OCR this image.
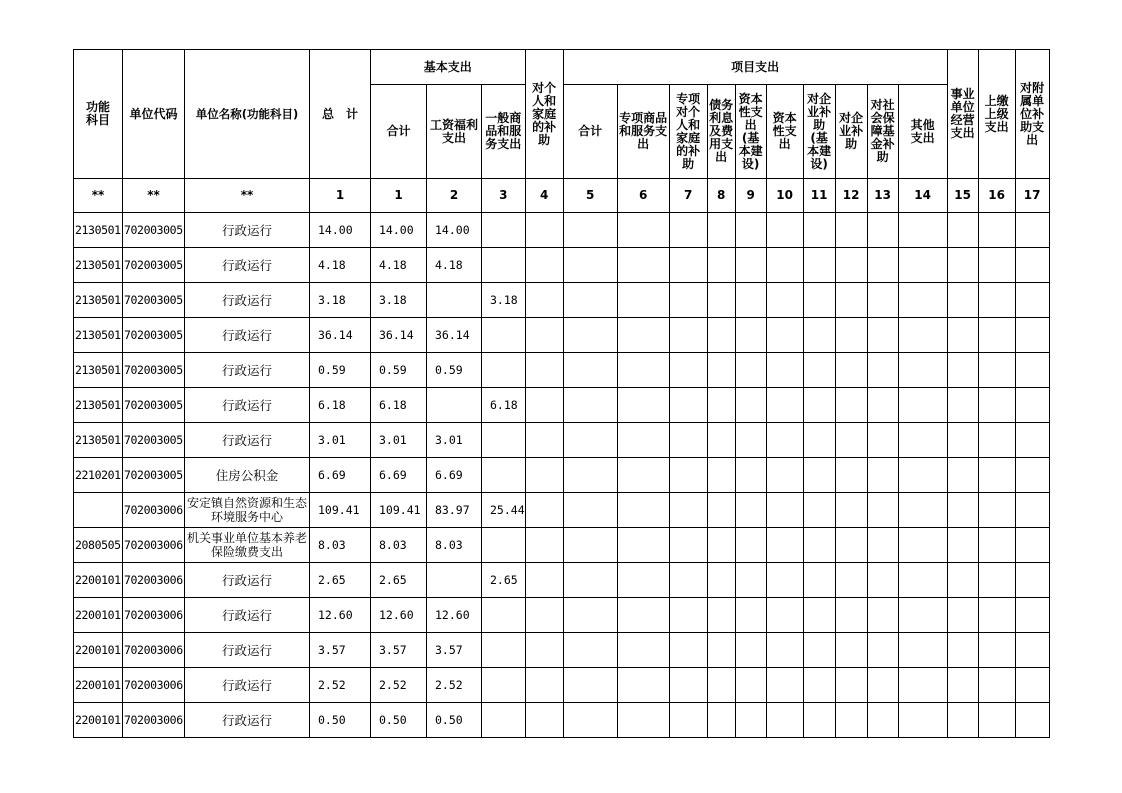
功能科目	单位代码	单位名称(功能科目)	总　计	基本支出			对个人和家庭的补助	项目支出										事业单位经营支出	上缴上级支出	对附属单位补助支出
				合计	工资福利支出	一般商品和服务支出		合计	专项商品和服务支出	专项对个人和家庭的补助	债务利息及费用支出	资本性支出(基本建设)	资本性支出	对企业补助(基本建设)	对企业补助	对社会保障基金补助	其他支出			
**	**	**	1	1	2	3	4	5	6	7	8	9	10	11	12	13	14	15	16	17
2130501	702003005	行政运行	14.00	14.00	14.00															
2130501	702003005	行政运行	4.18	4.18	4.18															
2130501	702003005	行政运行	3.18	3.18		3.18														
2130501	702003005	行政运行	36.14	36.14	36.14															
2130501	702003005	行政运行	0.59	0.59	0.59															
2130501	702003005	行政运行	6.18	6.18		6.18														
2130501	702003005	行政运行	3.01	3.01	3.01															
2210201	702003005	住房公积金	6.69	6.69	6.69															
	702003006	安定镇自然资源和生态环境服务中心	109.41	109.41	83.97	25.44														
2080505	702003006	机关事业单位基本养老保险缴费支出	8.03	8.03	8.03															
2200101	702003006	行政运行	2.65	2.65		2.65														
2200101	702003006	行政运行	12.60	12.60	12.60															
2200101	702003006	行政运行	3.57	3.57	3.57															
2200101	702003006	行政运行	2.52	2.52	2.52															
2200101	702003006	行政运行	0.50	0.50	0.50															
